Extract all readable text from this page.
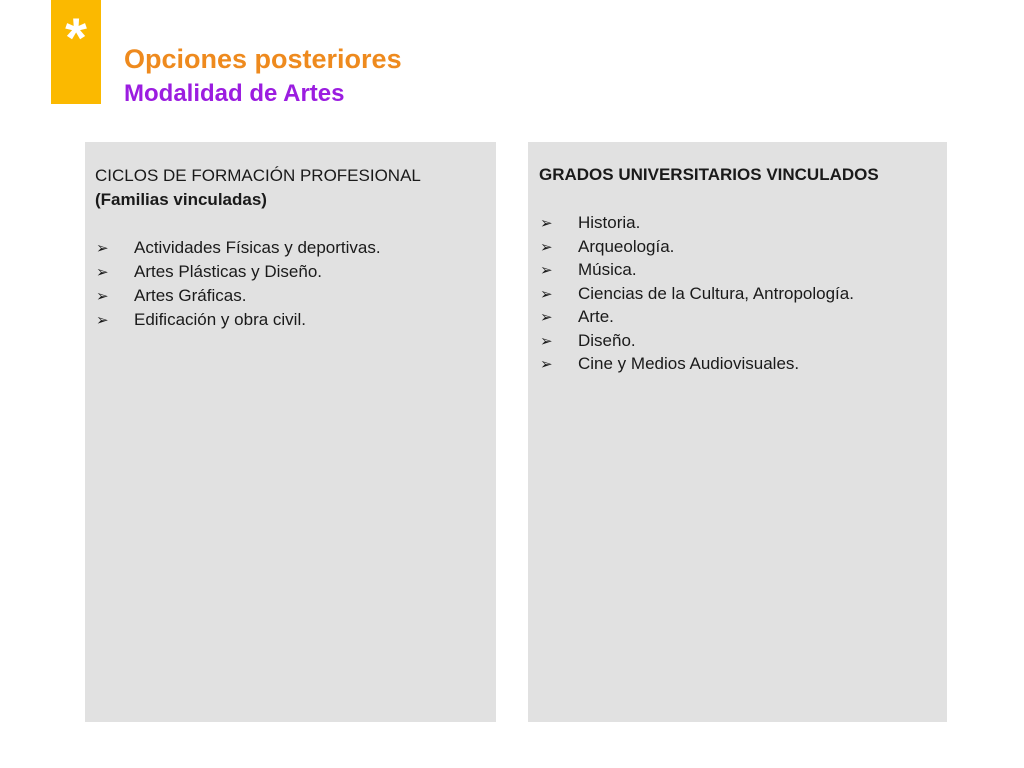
*	Opciones posteriores
Modalidad de Artes

CICLOS DE FORMACIÓN PROFESIONAL

(Familias vinculadas)

➢ Actividades Físicas y deportivas.
➢ Artes Plásticas y Diseño.
➢ Artes Gráficas.
➢ Edificación y obra civil.

GRADOS UNIVERSITARIOS VINCULADOS

➢ Historia.
➢ Arqueología.
➢ Música.
➢ Ciencias de la Cultura, Antropología.
➢ Arte.
➢ Diseño.
➢ Cine y Medios Audiovisuales.
